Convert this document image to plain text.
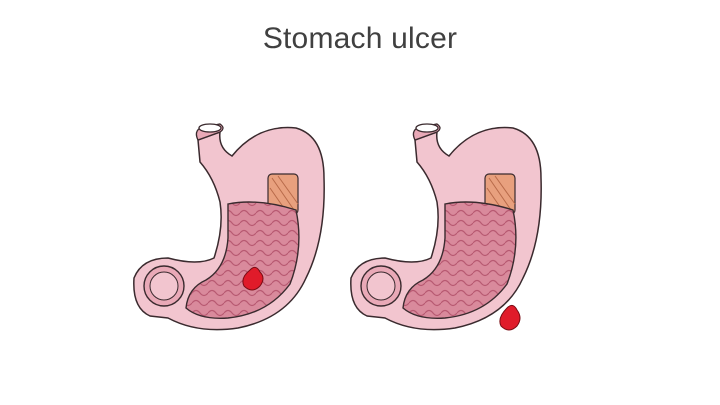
Stomach ulcer
